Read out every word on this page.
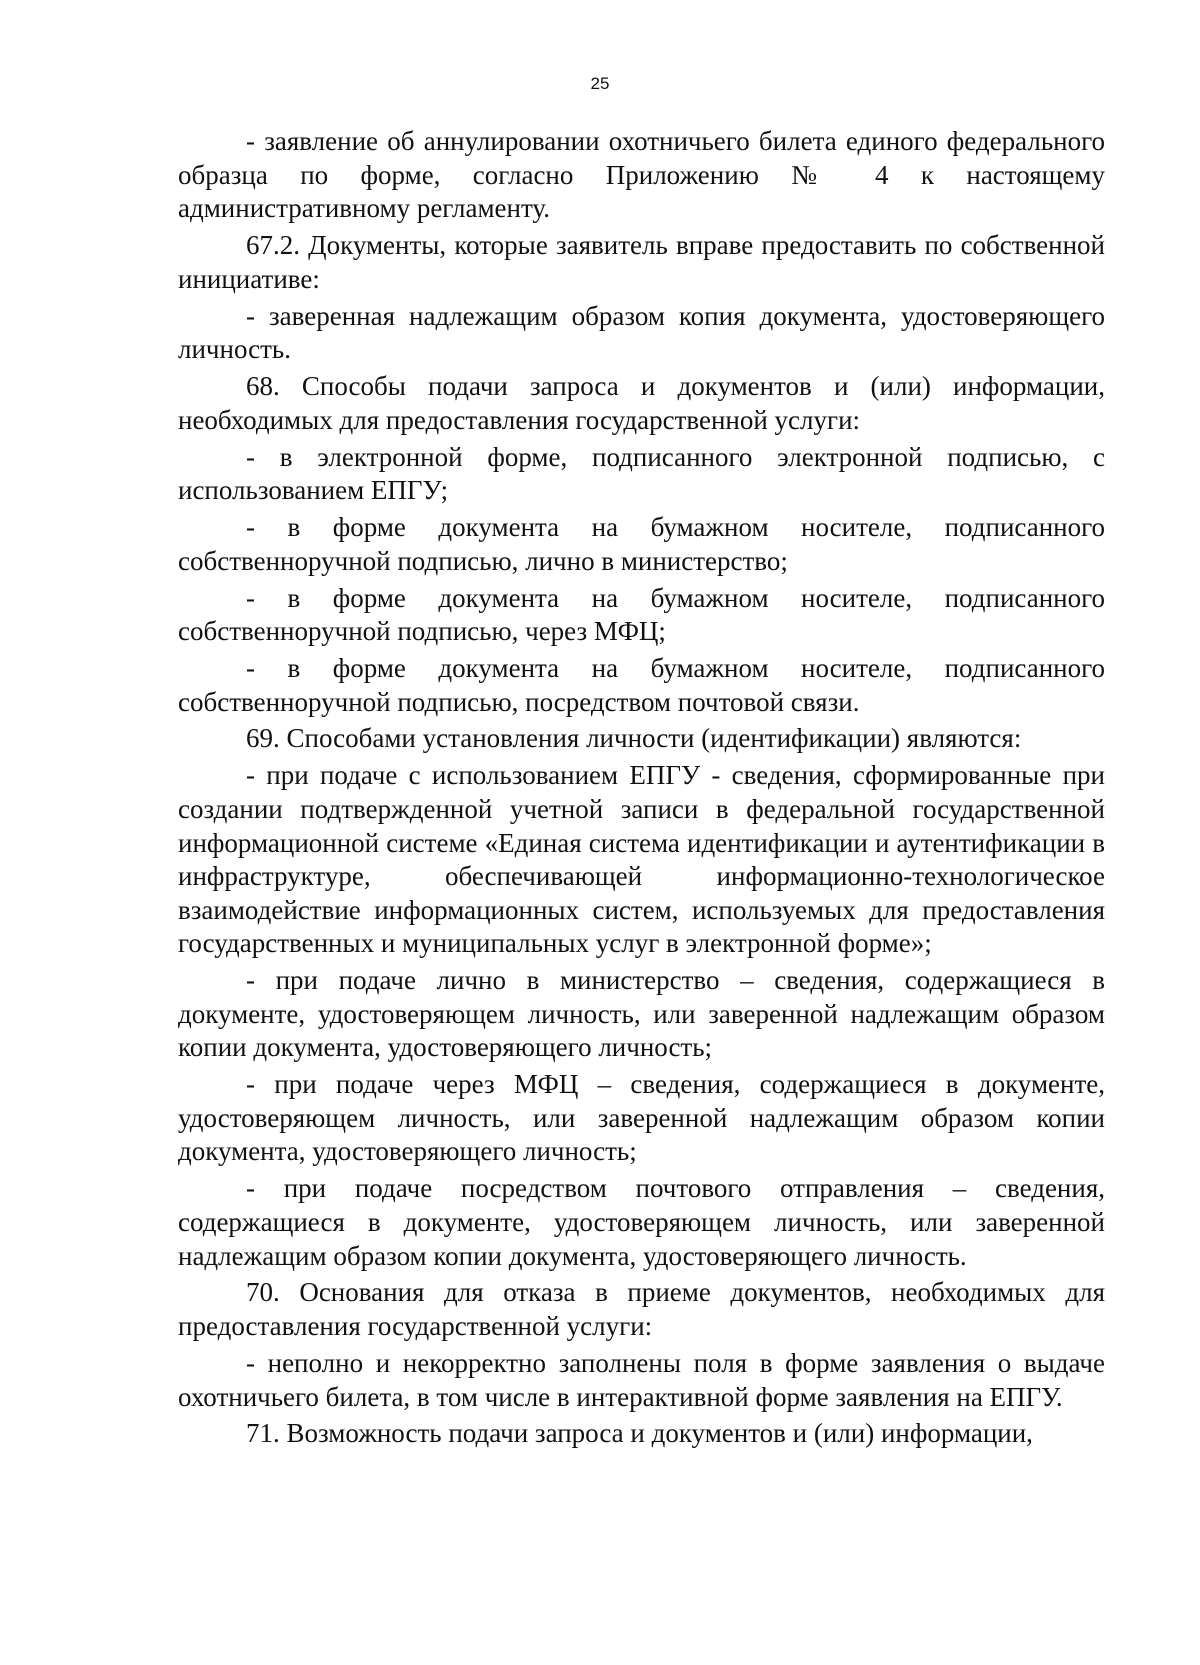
25

- заявление об аннулировании охотничьего билета единого федерального образца по форме, согласно Приложению № 4 к настоящему административному регламенту.

67.2. Документы, которые заявитель вправе предоставить по собственной инициативе:

- заверенная надлежащим образом копия документа, удостоверяющего личность.

68. Способы подачи запроса и документов и (или) информации, необходимых для предоставления государственной услуги:

- в электронной форме, подписанного электронной подписью, с использованием ЕПГУ;

- в форме документа на бумажном носителе, подписанного собственноручной подписью, лично в министерство;

- в форме документа на бумажном носителе, подписанного собственноручной подписью, через МФЦ;

- в форме документа на бумажном носителе, подписанного собственноручной подписью, посредством почтовой связи.

69. Способами установления личности (идентификации) являются:

- при подаче с использованием ЕПГУ - сведения, сформированные при создании подтвержденной учетной записи в федеральной государственной информационной системе «Единая система идентификации и аутентификации в инфраструктуре, обеспечивающей информационно-технологическое взаимодействие информационных систем, используемых для предоставления государственных и муниципальных услуг в электронной форме»;

- при подаче лично в министерство – сведения, содержащиеся в документе, удостоверяющем личность, или заверенной надлежащим образом копии документа, удостоверяющего личность;

- при подаче через МФЦ – сведения, содержащиеся в документе, удостоверяющем личность, или заверенной надлежащим образом копии документа, удостоверяющего личность;

- при подаче посредством почтового отправления – сведения, содержащиеся в документе, удостоверяющем личность, или заверенной надлежащим образом копии документа, удостоверяющего личность.

70. Основания для отказа в приеме документов, необходимых для предоставления государственной услуги:

- неполно и некорректно заполнены поля в форме заявления о выдаче охотничьего билета, в том числе в интерактивной форме заявления на ЕПГУ.

71. Возможность подачи запроса и документов и (или) информации,
